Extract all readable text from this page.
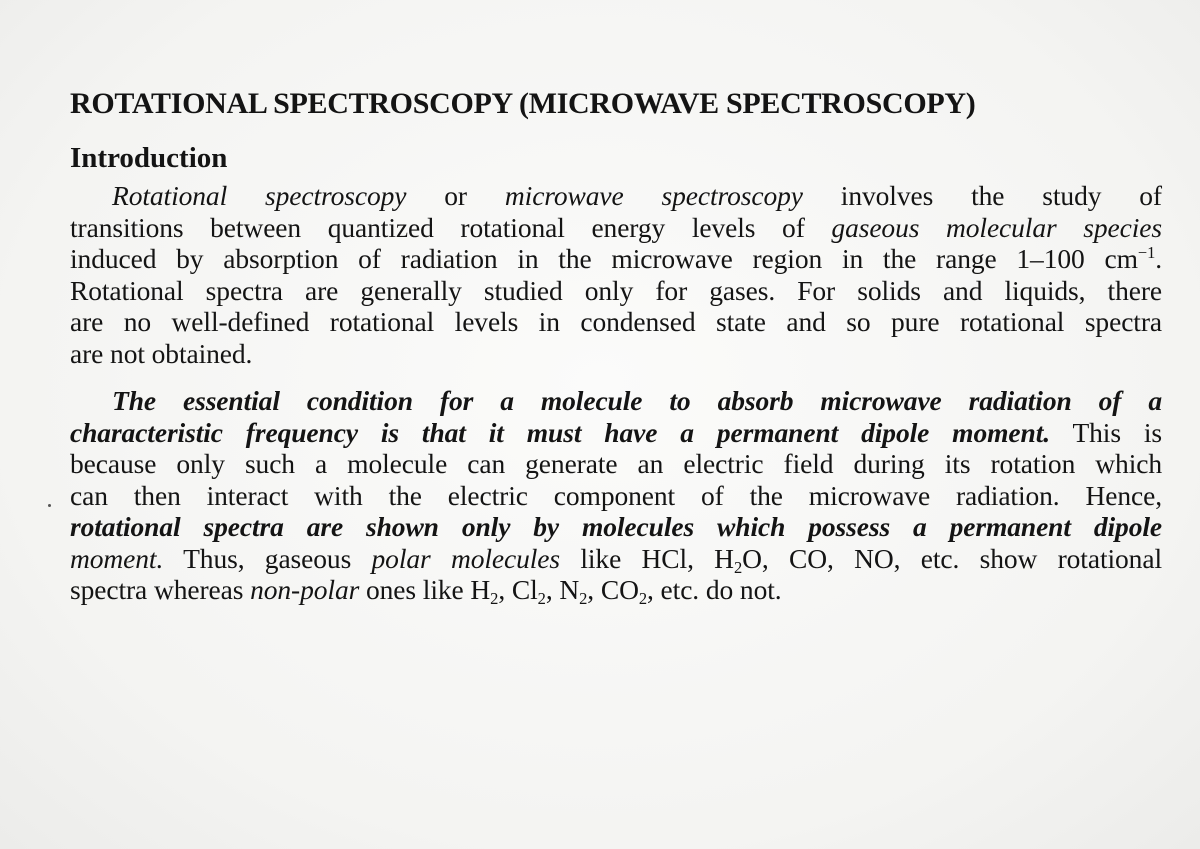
ROTATIONAL SPECTROSCOPY (MICROWAVE SPECTROSCOPY)
Introduction

Rotational spectroscopy or microwave spectroscopy involves the study of
transitions between quantized rotational energy levels of gaseous molecular species
induced by absorption of radiation in the microwave region in the range 1–100 $cm^{-1}$.
Rotational spectra are generally studied only for gases. For solids and liquids, there
are no well-defined rotational levels in condensed state and so pure rotational spectra
are not obtained.

The essential condition for a molecule to absorb microwave radiation of a
characteristic frequency is that it must have a permanent dipole moment. This is
because only such a molecule can generate an electric field during its rotation which
can then interact with the electric component of the microwave radiation. Hence,
rotational spectra are shown only by molecules which possess a permanent dipole
moment. Thus, gaseous polar molecules like HCl, $H_2O$, CO, NO, etc. show rotational
spectra whereas non-polar ones like $H_2$, $Cl_2$, $N_2$, $CO_2$, etc. do not.
